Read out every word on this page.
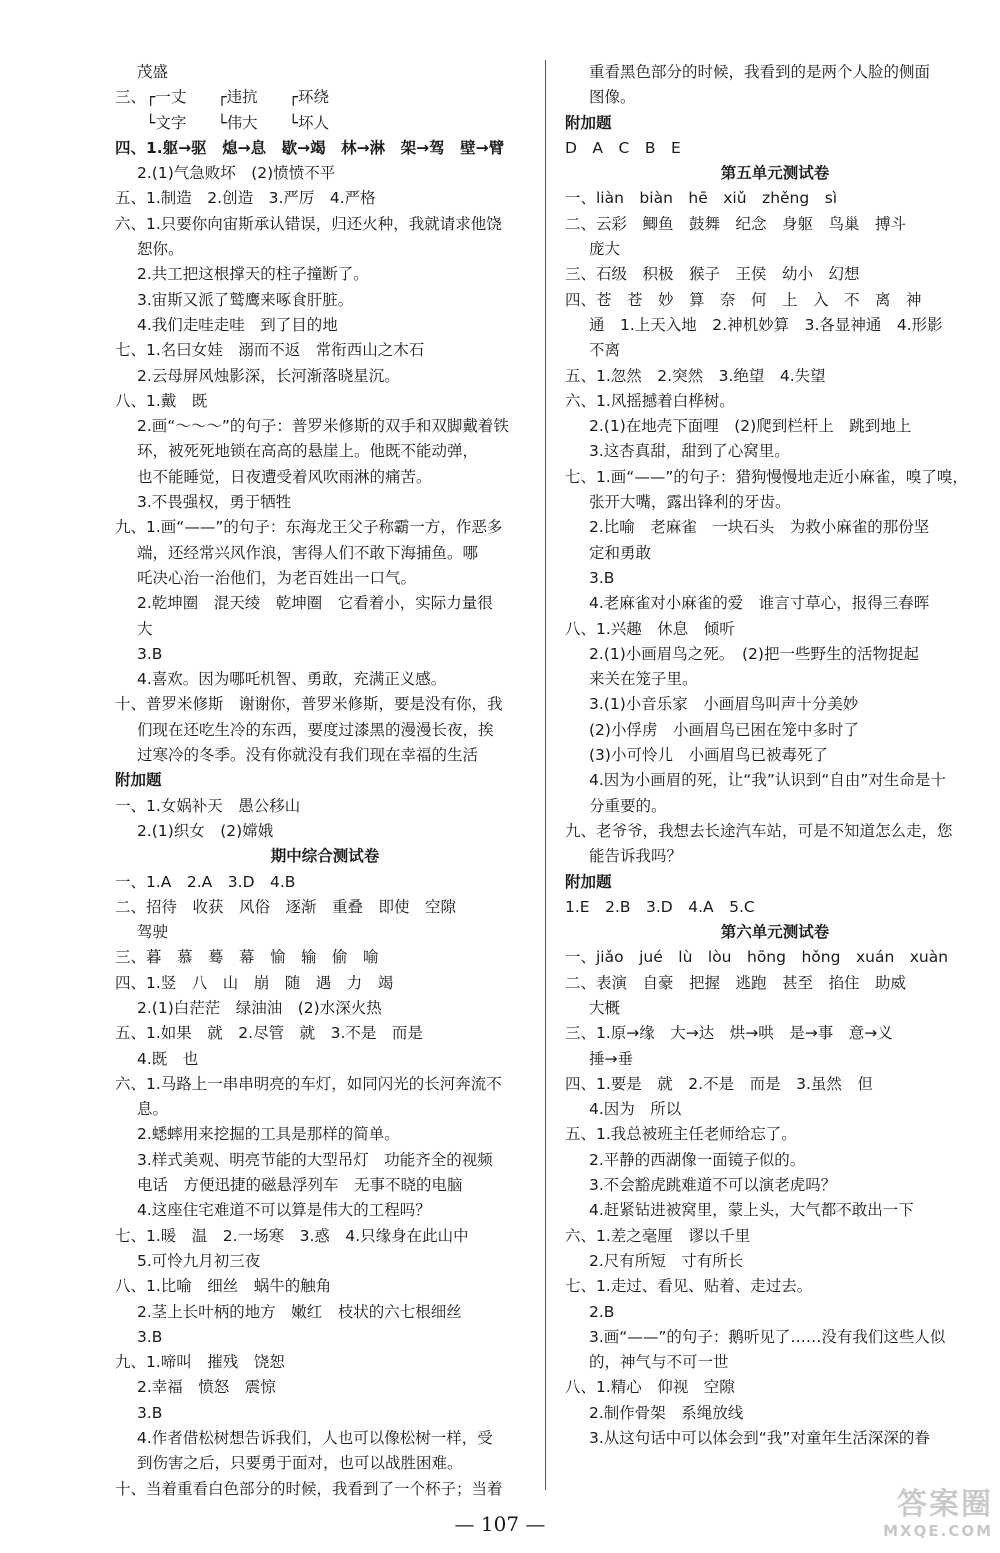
茂盛
三、┌一丈　　┌违抗　　┌环绕
　　└文字　　└伟大　　└坏人
四、1.躯→驱　熄→息　歇→竭　林→淋　架→驾　壁→臂
2.(1)气急败坏　(2)愤愤不平
五、1.制造　2.创造　3.严厉　4.严格
六、1.只要你向宙斯承认错误，归还火种，我就请求他饶
恕你。
2.共工把这根撑天的柱子撞断了。
3.宙斯又派了鹫鹰来啄食肝脏。
4.我们走哇走哇　到了目的地
七、1.名曰女娃　溺而不返　常衔西山之木石
2.云母屏风烛影深，长河渐落晓星沉。
八、1.戴　既
2.画“～～～”的句子：普罗米修斯的双手和双脚戴着铁
环，被死死地锁在高高的悬崖上。他既不能动弹，
也不能睡觉，日夜遭受着风吹雨淋的痛苦。
3.不畏强权，勇于牺牲
九、1.画“——”的句子：东海龙王父子称霸一方，作恶多
端，还经常兴风作浪，害得人们不敢下海捕鱼。哪
吒决心治一治他们，为老百姓出一口气。
2.乾坤圈　混天绫　乾坤圈　它看着小，实际力量很
大
3.B
4.喜欢。因为哪吒机智、勇敢，充满正义感。
十、普罗米修斯　谢谢你，普罗米修斯，要是没有你，我
们现在还吃生冷的东西，要度过漆黑的漫漫长夜，挨
过寒冷的冬季。没有你就没有我们现在幸福的生活
附加题
一、1.女娲补天　愚公移山
2.(1)织女　(2)嫦娥
期中综合测试卷
一、1.A　2.A　3.D　4.B
二、招待　收获　风俗　逐渐　重叠　即使　空隙
驾驶
三、暮　慕　蓦　幕　愉　输　偷　喻
四、1.竖　八　山　崩　随　遇　力　竭
2.(1)白茫茫　绿油油　(2)水深火热
五、1.如果　就　2.尽管　就　3.不是　而是
4.既　也
六、1.马路上一串串明亮的车灯，如同闪光的长河奔流不
息。
2.蟋蟀用来挖掘的工具是那样的简单。
3.样式美观、明亮节能的大型吊灯　功能齐全的视频
电话　方便迅捷的磁悬浮列车　无事不晓的电脑
4.这座住宅难道不可以算是伟大的工程吗？
七、1.暖　温　2.一场寒　3.惑　4.只缘身在此山中
5.可怜九月初三夜
八、1.比喻　细丝　蜗牛的触角
2.茎上长叶柄的地方　嫩红　枝状的六七根细丝
3.B
九、1.啼叫　摧残　饶恕
2.幸福　愤怒　震惊
3.B
4.作者借松树想告诉我们，人也可以像松树一样，受
到伤害之后，只要勇于面对，也可以战胜困难。
十、当着重看白色部分的时候，我看到了一个杯子；当着
重看黑色部分的时候，我看到的是两个人脸的侧面
图像。
附加题
D　A　C　B　E
第五单元测试卷
一、liàn　biàn　hē　xiǔ　zhěng　sì
二、云彩　鲫鱼　鼓舞　纪念　身躯　鸟巢　搏斗
庞大
三、石级　积极　猴子　王侯　幼小　幻想
四、苍　苍　妙　算　奈　何　上　入　不　离　神
通　1.上天入地　2.神机妙算　3.各显神通　4.形影
不离
五、1.忽然　2.突然　3.绝望　4.失望
六、1.风摇撼着白桦树。
2.(1)在地壳下面哩　(2)爬到栏杆上　跳到地上
3.这杏真甜，甜到了心窝里。
七、1.画“——”的句子：猎狗慢慢地走近小麻雀，嗅了嗅，
张开大嘴，露出锋利的牙齿。
2.比喻　老麻雀　一块石头　为救小麻雀的那份坚
定和勇敢
3.B
4.老麻雀对小麻雀的爱　谁言寸草心，报得三春晖
八、1.兴趣　休息　倾听
2.(1)小画眉鸟之死。　(2)把一些野生的活物捉起
来关在笼子里。
3.(1)小音乐家　小画眉鸟叫声十分美妙
(2)小俘虏　小画眉鸟已困在笼中多时了
(3)小可怜儿　小画眉鸟已被毒死了
4.因为小画眉的死，让“我”认识到“自由”对生命是十
分重要的。
九、老爷爷，我想去长途汽车站，可是不知道怎么走，您
能告诉我吗？
附加题
1.E　2.B　3.D　4.A　5.C
第六单元测试卷
一、jiǎo　jué　lù　lòu　hōng　hǒng　xuán　xuàn
二、表演　自豪　把握　逃跑　甚至　掐住　助威
大概
三、1.原→缘　大→达　烘→哄　是→事　意→义
捶→垂
四、1.要是　就　2.不是　而是　3.虽然　但
4.因为　所以
五、1.我总被班主任老师给忘了。
2.平静的西湖像一面镜子似的。
3.不会豁虎跳难道不可以演老虎吗？
4.赶紧钻进被窝里，蒙上头，大气都不敢出一下
六、1.差之毫厘　谬以千里
2.尺有所短　寸有所长
七、1.走过、看见、贴着、走过去。
2.B
3.画“——”的句子：鹅听见了……没有我们这些人似
的，神气与不可一世
八、1.精心　仰视　空隙
2.制作骨架　系绳放线
3.从这句话中可以体会到“我”对童年生活深深的眷
— 107 —
答案圈
MXQE.COM
